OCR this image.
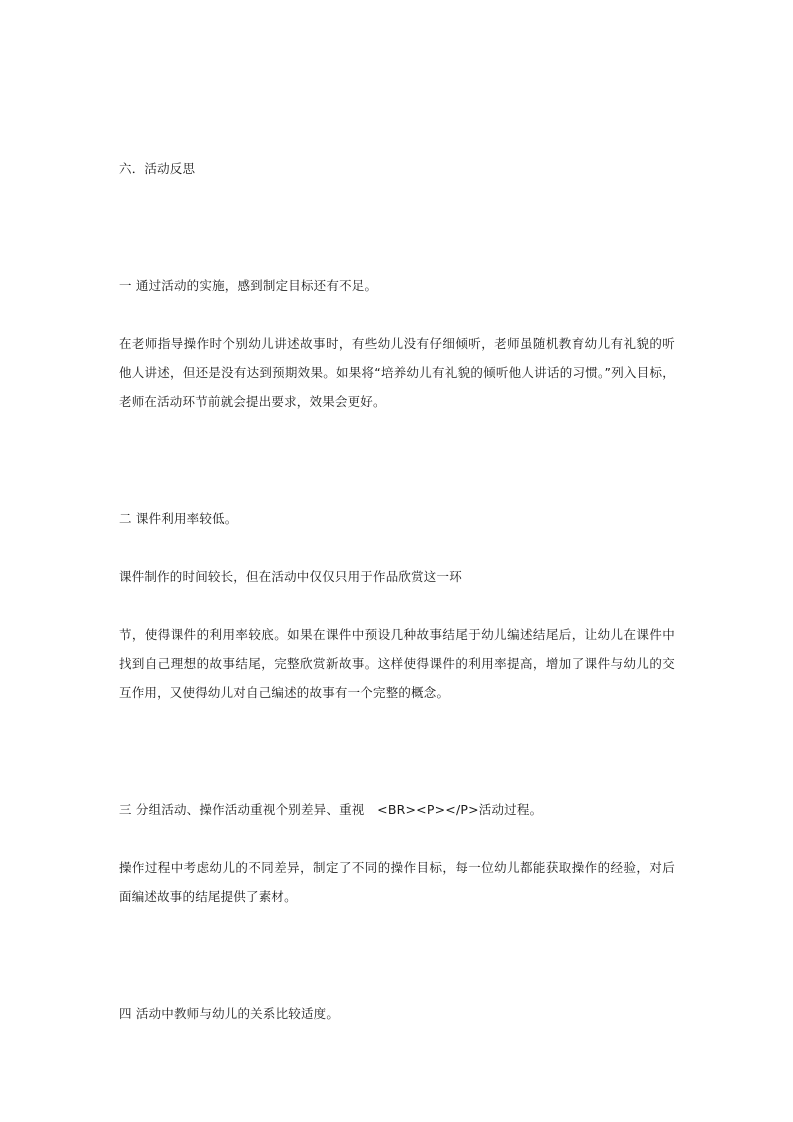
六．活动反思
一 通过活动的实施，感到制定目标还有不足。
在老师指导操作时个别幼儿讲述故事时，有些幼儿没有仔细倾听，老师虽随机教育幼儿有礼貌的听他人讲述，但还是没有达到预期效果。如果将“培养幼儿有礼貌的倾听他人讲话的习惯。”列入目标，老师在活动环节前就会提出要求，效果会更好。
二 课件利用率较低。
课件制作的时间较长，但在活动中仅仅只用于作品欣赏这一环
节，使得课件的利用率较底。如果在课件中预设几种故事结尾于幼儿编述结尾后，让幼儿在课件中找到自己理想的故事结尾，完整欣赏新故事。这样使得课件的利用率提高，增加了课件与幼儿的交互作用，又使得幼儿对自己编述的故事有一个完整的概念。
三 分组活动、操作活动重视个别差异、重视　<BR><P></P>活动过程。
操作过程中考虑幼儿的不同差异，制定了不同的操作目标，每一位幼儿都能获取操作的经验，对后面编述故事的结尾提供了素材。
四 活动中教师与幼儿的关系比较适度。
